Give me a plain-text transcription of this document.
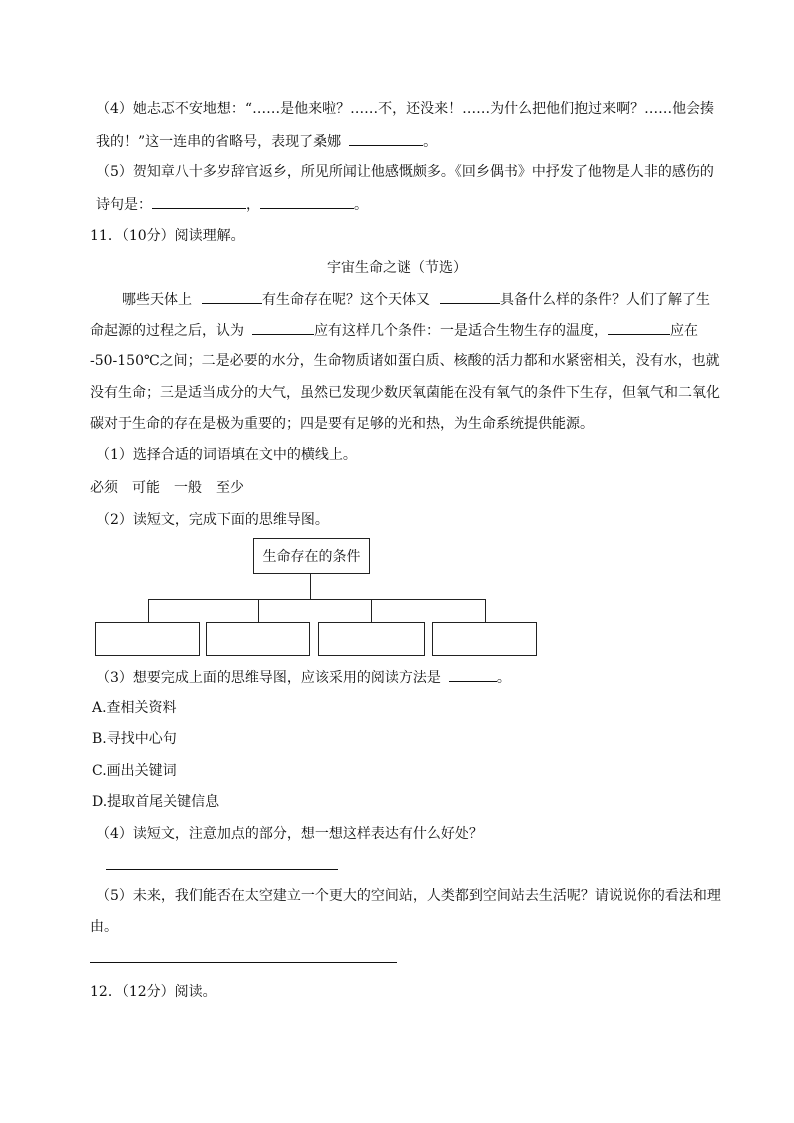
（4）她忐忑不安地想：“……是他来啦？……不，还没来！……为什么把他们抱过来啊？……他会揍
我的！”这一连串的省略号，表现了桑娜	。
（5）贺知章八十多岁辞官返乡，所见所闻让他感慨颇多。《回乡偶书》中抒发了他物是人非的感伤的
诗句是：	，	。
11．（10分）阅读理解。
宇宙生命之谜（节选）
哪些天体上	有生命存在呢？这个天体又	具备什么样的条件？人们了解了生
命起源的过程之后，认为	应有这样几个条件：一是适合生物生存的温度，	应在
-50-150℃之间；二是必要的水分，生命物质诸如蛋白质、核酸的活力都和水紧密相关，没有水，也就
没有生命；三是适当成分的大气，虽然已发现少数厌氧菌能在没有氧气的条件下生存，但氧气和二氧化
碳对于生命的存在是极为重要的；四是要有足够的光和热，为生命系统提供能源。
（1）选择合适的词语填在文中的横线上。
必须　可能　一般　至少
（2）读短文，完成下面的思维导图。
生命存在的条件
（3）想要完成上面的思维导图，应该采用的阅读方法是	。
A.查相关资料
B.寻找中心句
C.画出关键词
D.提取首尾关键信息
（4）读短文，注意加点的部分，想一想这样表达有什么好处？
（5）未来，我们能否在太空建立一个更大的空间站，人类都到空间站去生活呢？请说说你的看法和理
由。
12．（12分）阅读。
